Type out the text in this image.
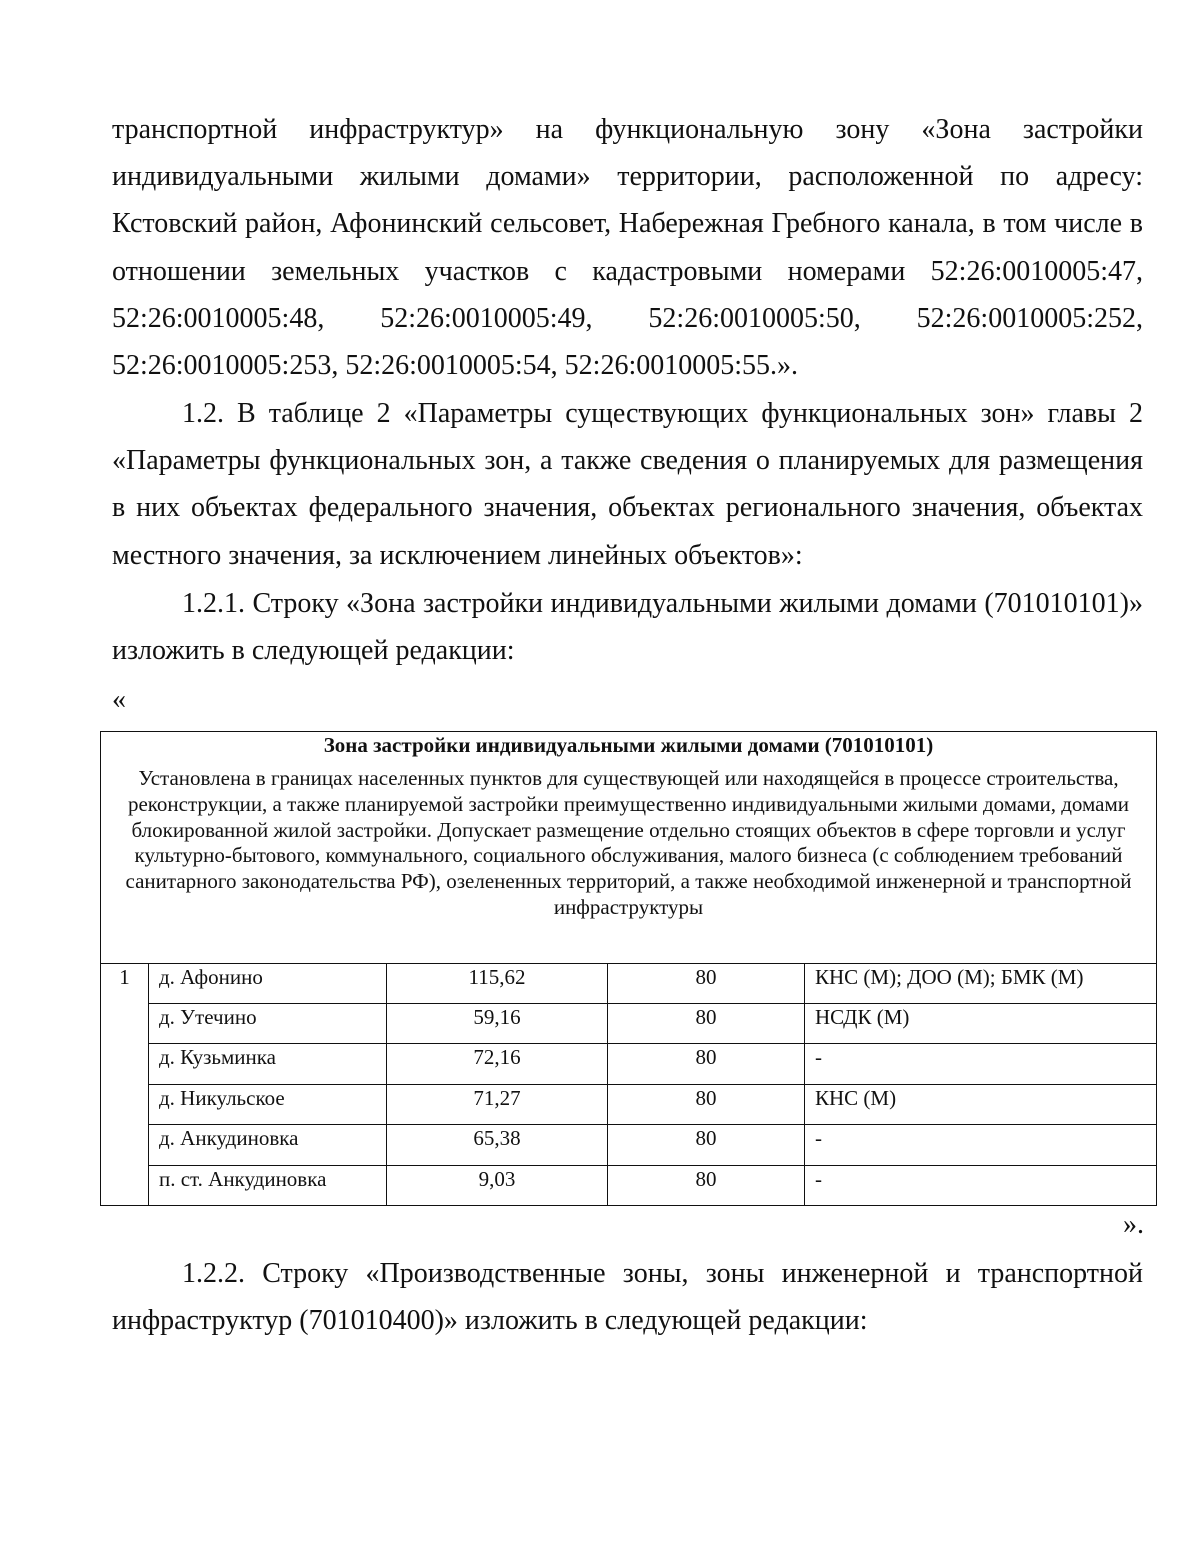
транспортной инфраструктур» на функциональную зону «Зона застройки индивидуальными жилыми домами» территории, расположенной по адресу: Кстовский район, Афонинский сельсовет, Набережная Гребного канала, в том числе в отношении земельных участков с кадастровыми номерами 52:26:0010005:47, 52:26:0010005:48, 52:26:0010005:49, 52:26:0010005:50, 52:26:0010005:252, 52:26:0010005:253, 52:26:0010005:54, 52:26:0010005:55.».

1.2. В таблице 2 «Параметры существующих функциональных зон» главы 2 «Параметры функциональных зон, а также сведения о планируемых для размещения в них объектах федерального значения, объектах регионального значения, объектах местного значения, за исключением линейных объектов»:

1.2.1. Строку «Зона застройки индивидуальными жилыми домами (701010101)» изложить в следующей редакции:

«

Зона застройки индивидуальными жилыми домами (701010101)
Установлена в границах населенных пунктов для существующей или находящейся в процессе строительства, реконструкции, а также планируемой застройки преимущественно индивидуальными жилыми домами, домами блокированной жилой застройки. Допускает размещение отдельно стоящих объектов в сфере торговли и услуг культурно-бытового, коммунального, социального обслуживания, малого бизнеса (с соблюдением требований санитарного законодательства РФ), озелененных территорий, а также необходимой инженерной и транспортной инфраструктуры				

1	д. Афонино	115,62	80	КНС (М); ДОО (М); БМК (М)
	д. Утечино	59,16	80	НСДК (М)
	д. Кузьминка	72,16	80	-
	д. Никульское	71,27	80	КНС (М)
	д. Анкудиновка	65,38	80	-
	п. ст. Анкудиновка	9,03	80	-

».

1.2.2. Строку «Производственные зоны, зоны инженерной и транспортной инфраструктур (701010400)» изложить в следующей редакции:
